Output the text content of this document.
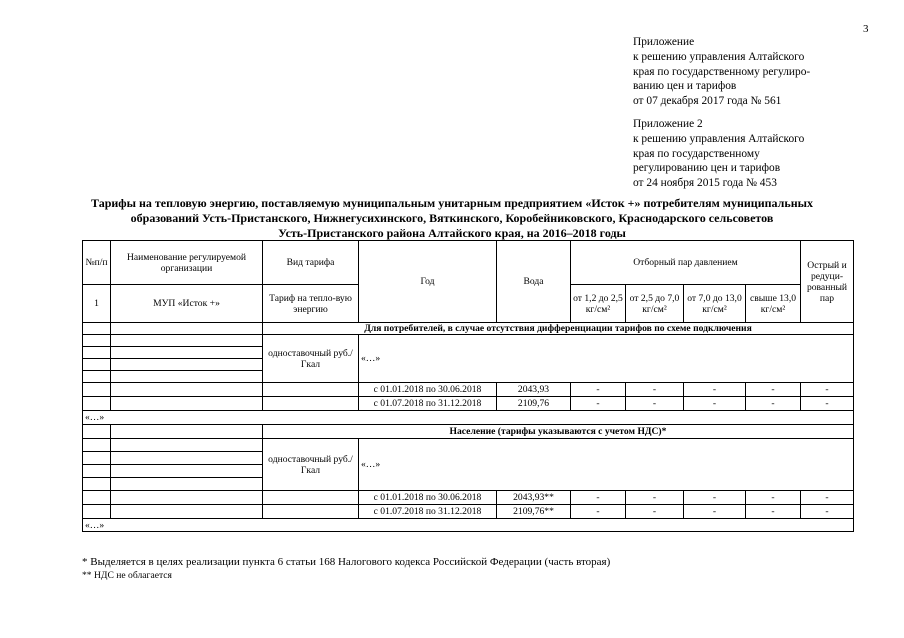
3
Приложение
к решению управления Алтайского
края по государственному регулиро-
ванию цен и тарифов
от 07 декабря 2017 года № 561
Приложение 2
к решению управления Алтайского
края по государственному
регулированию цен и тарифов
от 24 ноября 2015 года № 453
Тарифы на тепловую энергию, поставляемую муниципальным унитарным предприятием «Исток +» потребителям муниципальных
образований Усть-Пристанского, Нижнегусихинского, Вяткинского, Коробейниковского, Краснодарского сельсоветов
Усть-Пристанского района Алтайского края, на 2016–2018 годы
№п/п	Наименование регулируемой организации	Вид тарифа	Год	Вода	Отборный пар давлением				Острый и редуци-рованный пар
1	МУП «Исток +»	Тариф на тепло-вую энергию			от 1,2 до 2,5 кг/см²	от 2,5 до 7,0 кг/см²	от 7,0 до 13,0 кг/см²	свыше 13,0 кг/см²	
		Для потребителей, в случае отсутствия дифференциации тарифов по схеме подключения							
		одноставочный руб./Гкал	«…»						

			с 01.01.2018 по 30.06.2018	2043,93	-	-	-	-	-
			с 01.07.2018 по 31.12.2018	2109,76	-	-	-	-	-
«…»									
		Население (тарифы указываются с учетом НДС)*							
		одноставочный руб./Гкал	«…»						

			с 01.01.2018 по 30.06.2018	2043,93**	-	-	-	-	-
			с 01.07.2018 по 31.12.2018	2109,76**	-	-	-	-	-
«…»									
* Выделяется в целях реализации пункта 6 статьи 168 Налогового кодекса Российской Федерации (часть вторая)
** НДС не облагается
